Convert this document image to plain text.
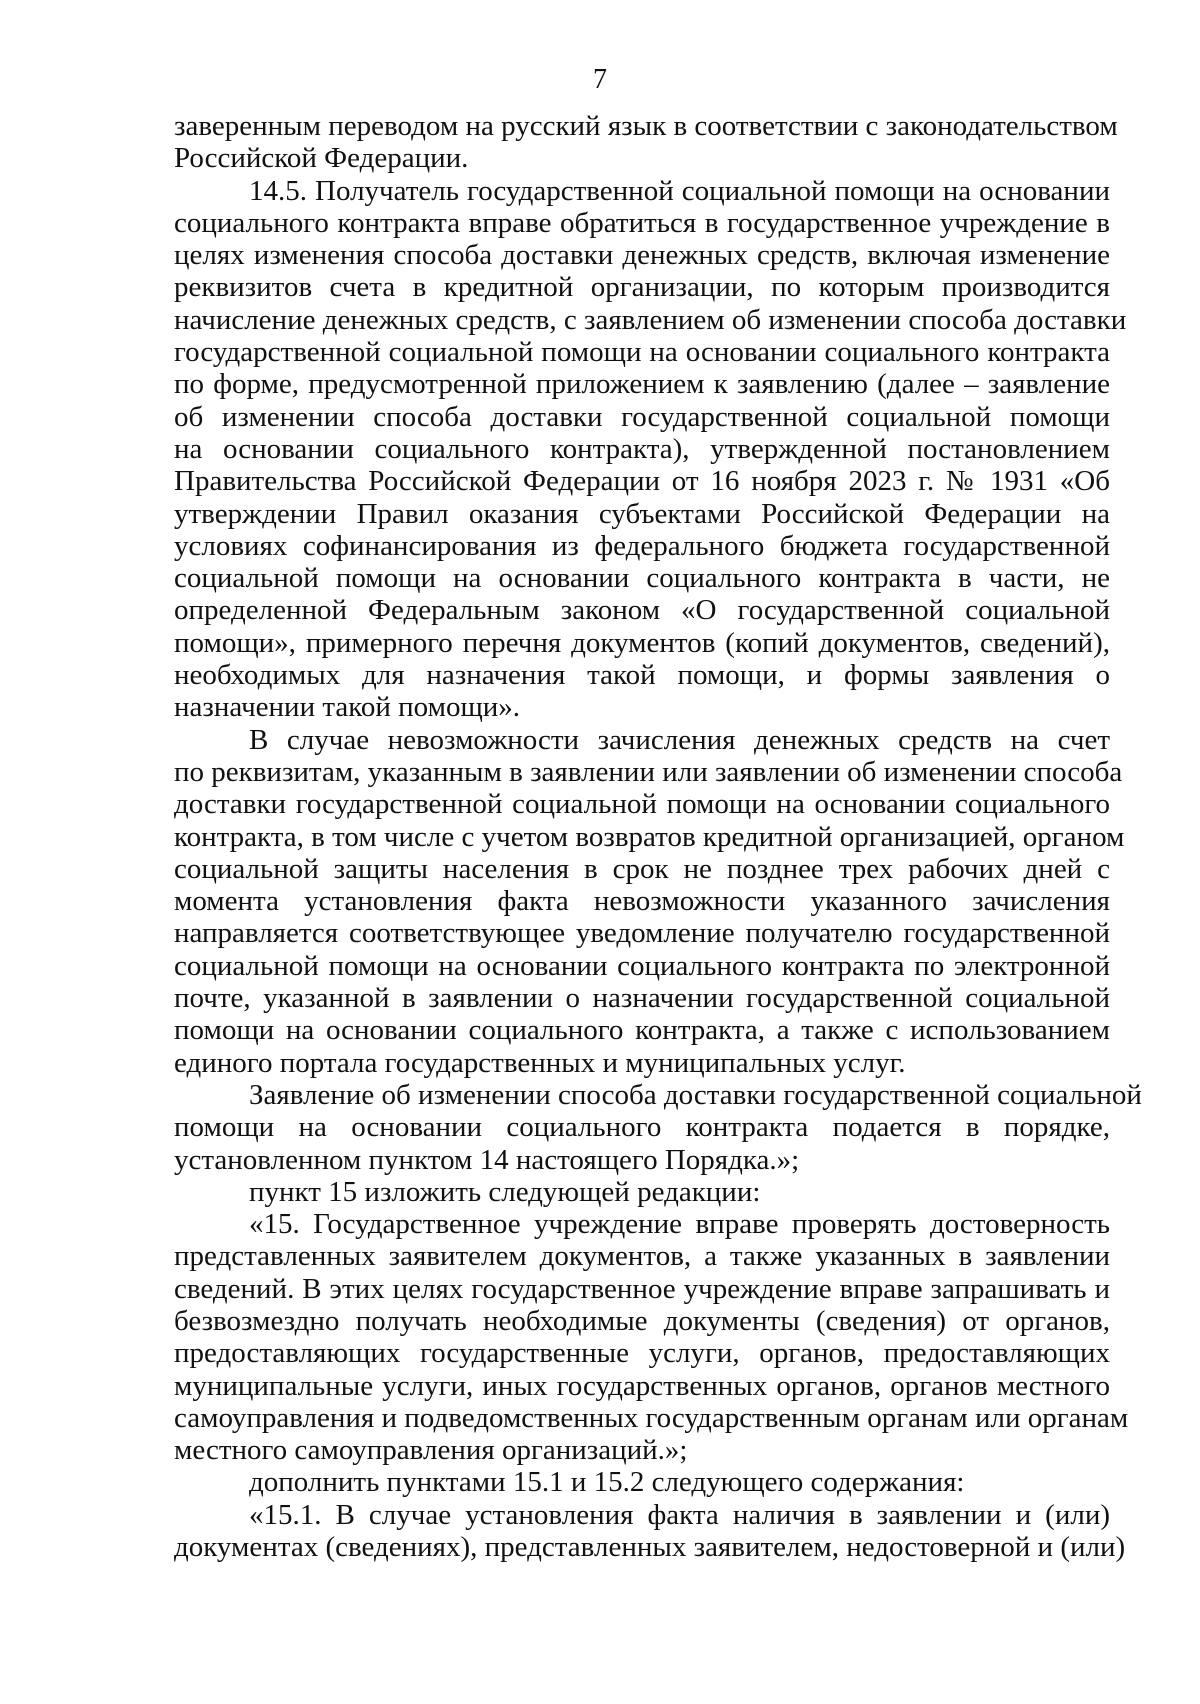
7
заверенным переводом на русский язык в соответствии с законодательством
Российской Федерации.
14.5. Получатель государственной социальной помощи на основании
социального контракта вправе обратиться в государственное учреждение в
целях изменения способа доставки денежных средств, включая изменение
реквизитов счета в кредитной организации, по которым производится
начисление денежных средств, с заявлением об изменении способа доставки
государственной социальной помощи на основании социального контракта
по форме, предусмотренной приложением к заявлению (далее – заявление
об изменении способа доставки государственной социальной помощи
на основании социального контракта), утвержденной постановлением
Правительства Российской Федерации от 16 ноября 2023 г. № 1931 «Об
утверждении Правил оказания субъектами Российской Федерации на
условиях софинансирования из федерального бюджета государственной
социальной помощи на основании социального контракта в части, не
определенной Федеральным законом «О государственной социальной
помощи», примерного перечня документов (копий документов, сведений),
необходимых для назначения такой помощи, и формы заявления о
назначении такой помощи».
В случае невозможности зачисления денежных средств на счет
по реквизитам, указанным в заявлении или заявлении об изменении способа
доставки государственной социальной помощи на основании социального
контракта, в том числе с учетом возвратов кредитной организацией, органом
социальной защиты населения в срок не позднее трех рабочих дней с
момента установления факта невозможности указанного зачисления
направляется соответствующее уведомление получателю государственной
социальной помощи на основании социального контракта по электронной
почте, указанной в заявлении о назначении государственной социальной
помощи на основании социального контракта, а также с использованием
единого портала государственных и муниципальных услуг.
Заявление об изменении способа доставки государственной социальной
помощи на основании социального контракта подается в порядке,
установленном пунктом 14 настоящего Порядка.»;
пункт 15 изложить следующей редакции:
«15. Государственное учреждение вправе проверять достоверность
представленных заявителем документов, а также указанных в заявлении
сведений. В этих целях государственное учреждение вправе запрашивать и
безвозмездно получать необходимые документы (сведения) от органов,
предоставляющих государственные услуги, органов, предоставляющих
муниципальные услуги, иных государственных органов, органов местного
самоуправления и подведомственных государственным органам или органам
местного самоуправления организаций.»;
дополнить пунктами 15.1 и 15.2 следующего содержания:
«15.1. В случае установления факта наличия в заявлении и (или)
документах (сведениях), представленных заявителем, недостоверной и (или)
